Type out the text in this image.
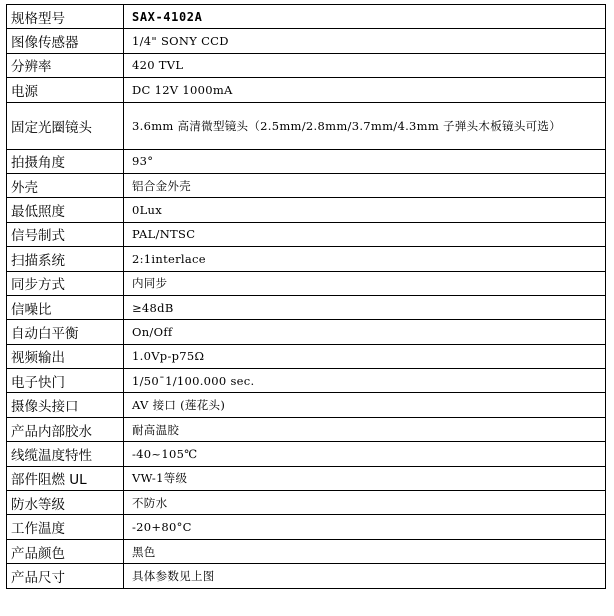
规格型号	SAX-4102A
图像传感器	1/4" SONY CCD
分辨率	420 TVL
电源	DC 12V 1000mA
固定光圈镜头	3.6mm 高清微型镜头（2.5mm/2.8mm/3.7mm/4.3mm 子弹头木板镜头可选）
拍摄角度	93°
外壳	铝合金外壳
最低照度	0Lux
信号制式	PAL/NTSC
扫描系统	2:1interlace
同步方式	内同步
信噪比	≥48dB
自动白平衡	On/Off
视频输出	1.0Vp-p75Ω
电子快门	1/50¯1/100.000 sec.
摄像头接口	AV 接口 (莲花头)
产品内部胶水	耐高温胶
线缆温度特性	-40~105℃
部件阻燃 UL	VW-1等级
防水等级	不防水
工作温度	-20+80°C
产品颜色	黑色
产品尺寸	具体参数见上图
